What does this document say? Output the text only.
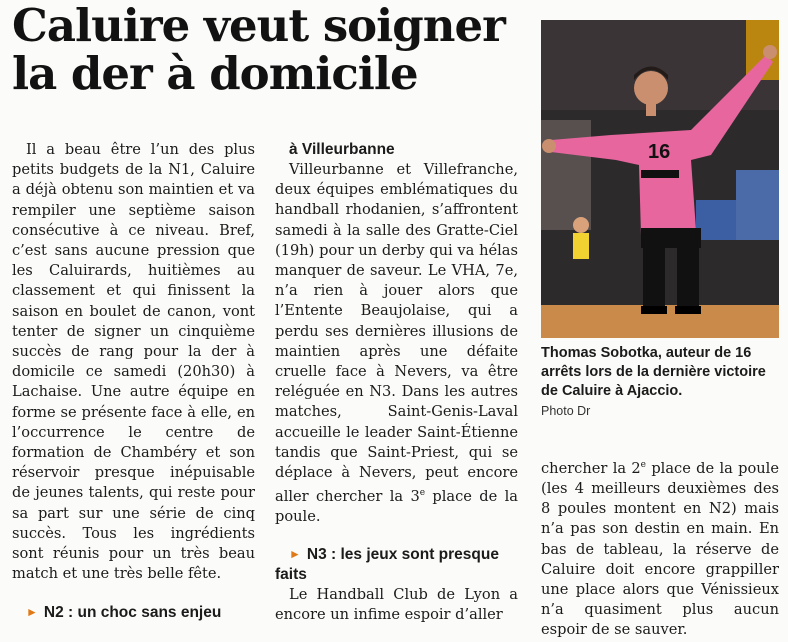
Caluire veut soigner la der à domicile

Il a beau être l’un des plus petits budgets de la N1, Caluire a déjà obtenu son maintien et va rempiler une septième saison consécutive à ce niveau. Bref, c’est sans aucune pression que les Caluirards, huitièmes au classement et qui finissent la saison en boulet de canon, vont tenter de signer un cinquième succès de rang pour la der à domicile ce samedi (20h30) à Lachaise. Une autre équipe en forme se présente face à elle, en l’occurrence le centre de formation de Chambéry et son réservoir presque inépuisable de jeunes talents, qui reste pour sa part sur une série de cinq succès. Tous les ingrédients sont réunis pour un très beau match et une très belle fête.

► N2 : un choc sans enjeu

à Villeurbanne

Villeurbanne et Villefranche, deux équipes emblématiques du handball rhodanien, s’affrontent samedi à la salle des Gratte-Ciel (19h) pour un derby qui va hélas manquer de saveur. Le VHA, 7e, n’a rien à jouer alors que l’Entente Beaujolaise, qui a perdu ses dernières illusions de maintien après une défaite cruelle face à Nevers, va être reléguée en N3. Dans les autres matches, Saint-Genis-Laval accueille le leader Saint-Étienne tandis que Saint-Priest, qui se déplace à Nevers, peut encore aller chercher la 3e place de la poule.

► N3 : les jeux sont presque faits

Le Handball Club de Lyon a encore un infime espoir d’aller

16
Thomas Sobotka, auteur de 16 arrêts lors de la dernière victoire de Caluire à Ajaccio.
Photo Dr

chercher la 2e place de la poule (les 4 meilleurs deuxièmes des 8 poules montent en N2) mais n’a pas son destin en main. En bas de tableau, la réserve de Caluire doit encore grappiller une place alors que Vénissieux n’a quasiment plus aucun espoir de se sauver.
